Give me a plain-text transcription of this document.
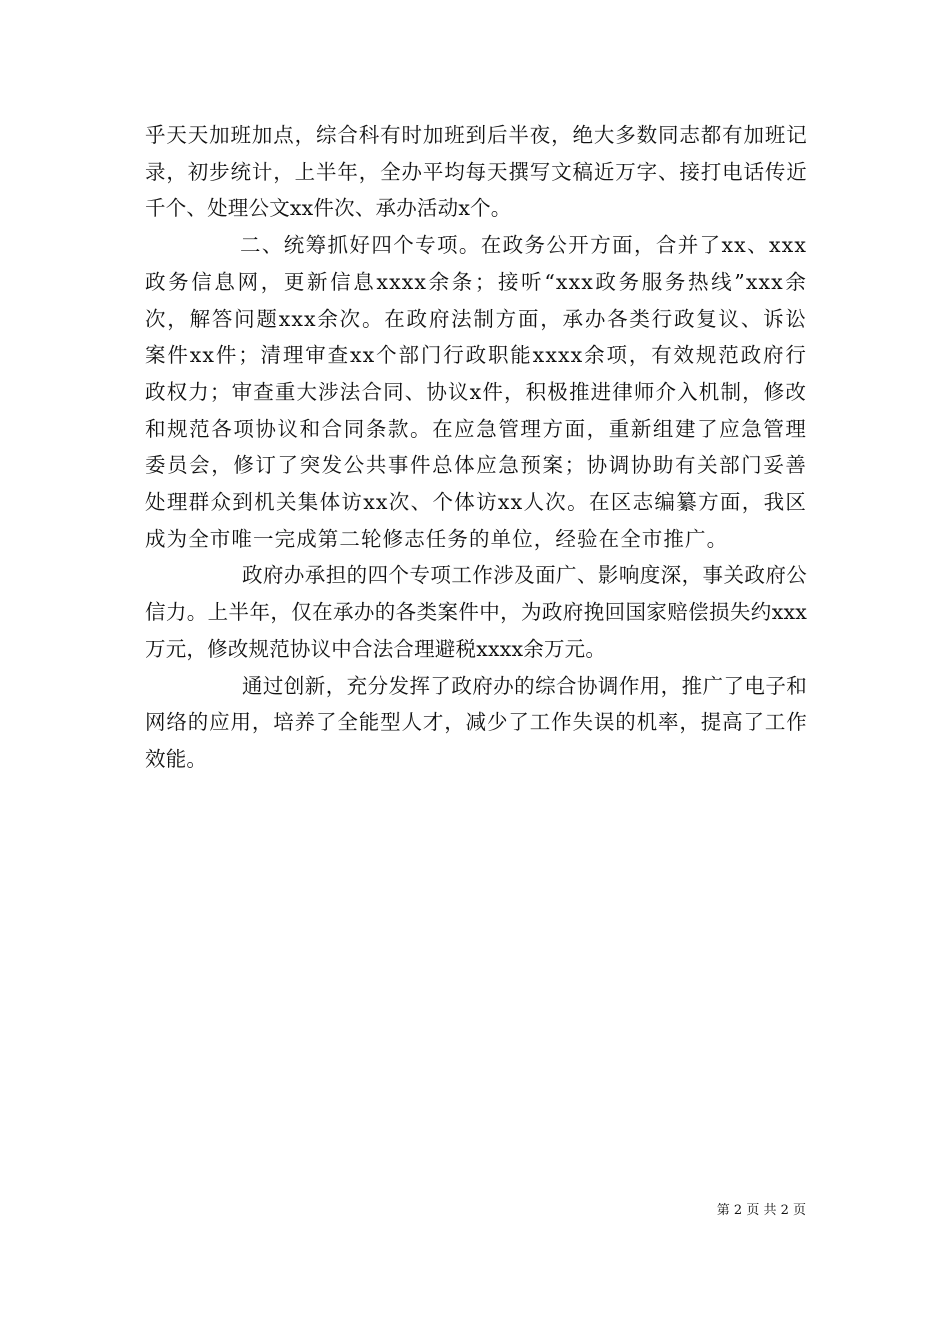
乎天天加班加点，综合科有时加班到后半夜，绝大多数同志都有加班记录，初步统计，上半年，全办平均每天撰写文稿近万字、接打电话传近千个、处理公文xx件次、承办活动x个。

二、统筹抓好四个专项。在政务公开方面，合并了xx、xxx政务信息网，更新信息xxxx余条；接听“xxx政务服务热线”xxx余次，解答问题xxx余次。在政府法制方面，承办各类行政复议、诉讼案件xx件；清理审查xx个部门行政职能xxxx余项，有效规范政府行政权力；审查重大涉法合同、协议x件，积极推进律师介入机制，修改和规范各项协议和合同条款。在应急管理方面，重新组建了应急管理委员会，修订了突发公共事件总体应急预案；协调协助有关部门妥善处理群众到机关集体访xx次、个体访xx人次。在区志编纂方面，我区成为全市唯一完成第二轮修志任务的单位，经验在全市推广。

政府办承担的四个专项工作涉及面广、影响度深，事关政府公信力。上半年，仅在承办的各类案件中，为政府挽回国家赔偿损失约xxx万元，修改规范协议中合法合理避税xxxx余万元。

通过创新，充分发挥了政府办的综合协调作用，推广了电子和网络的应用，培养了全能型人才，减少了工作失误的机率，提高了工作效能。

第 2 页 共 2 页
